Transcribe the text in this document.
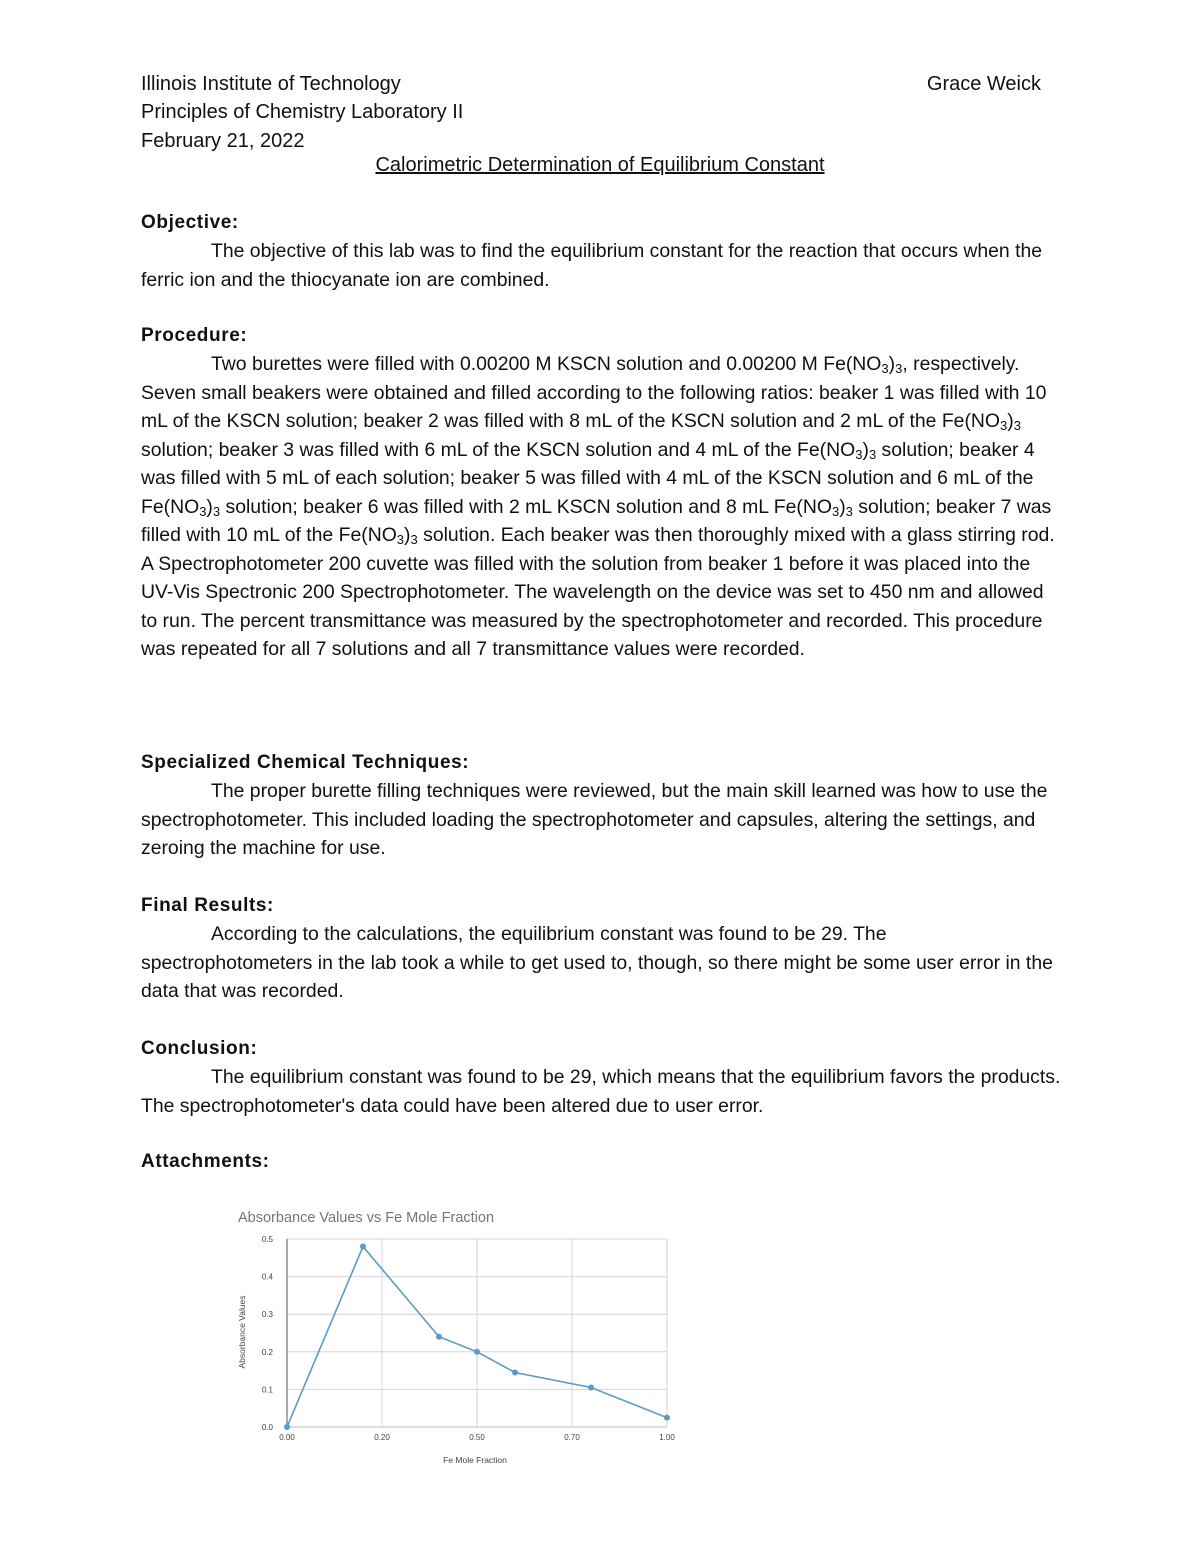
Illinois Institute of Technology
Principles of Chemistry Laboratory II
February 21, 2022
Grace Weick
Calorimetric Determination of Equilibrium Constant

Objective:

The objective of this lab was to find the equilibrium constant for the reaction that occurs when the ferric ion and the thiocyanate ion are combined.

Procedure:

Two burettes were filled with 0.00200 M KSCN solution and 0.00200 M $Fe(NO_3)_3$, respectively. Seven small beakers were obtained and filled according to the following ratios: beaker 1 was filled with 10 mL of the KSCN solution; beaker 2 was filled with 8 mL of the KSCN solution and 2 mL of the $Fe(NO_3)_3$ solution; beaker 3 was filled with 6 mL of the KSCN solution and 4 mL of the $Fe(NO_3)_3$ solution; beaker 4 was filled with 5 mL of each solution; beaker 5 was filled with 4 mL of the KSCN solution and 6 mL of the $Fe(NO_3)_3$ solution; beaker 6 was filled with 2 mL KSCN solution and 8 mL $Fe(NO_3)_3$ solution; beaker 7 was filled with 10 mL of the $Fe(NO_3)_3$ solution. Each beaker was then thoroughly mixed with a glass stirring rod. A Spectrophotometer 200 cuvette was filled with the solution from beaker 1 before it was placed into the UV-Vis Spectronic 200 Spectrophotometer. The wavelength on the device was set to 450 nm and allowed to run. The percent transmittance was measured by the spectrophotometer and recorded. This procedure was repeated for all 7 solutions and all 7 transmittance values were recorded.

Specialized Chemical Techniques:

The proper burette filling techniques were reviewed, but the main skill learned was how to use the spectrophotometer. This included loading the spectrophotometer and capsules, altering the settings, and zeroing the machine for use.

Final Results:

According to the calculations, the equilibrium constant was found to be 29. The spectrophotometers in the lab took a while to get used to, though, so there might be some user error in the data that was recorded.

Conclusion:

The equilibrium constant was found to be 29, which means that the equilibrium favors the products. The spectrophotometer's data could have been altered due to user error.

Attachments:

Absorbance Values vs Fe Mole Fraction
0.0
0.1
0.2
0.3
0.4
0.5
0.00	0.20	0.50	0.70	1.00
Fe Mole Fraction
Absorbance Values
